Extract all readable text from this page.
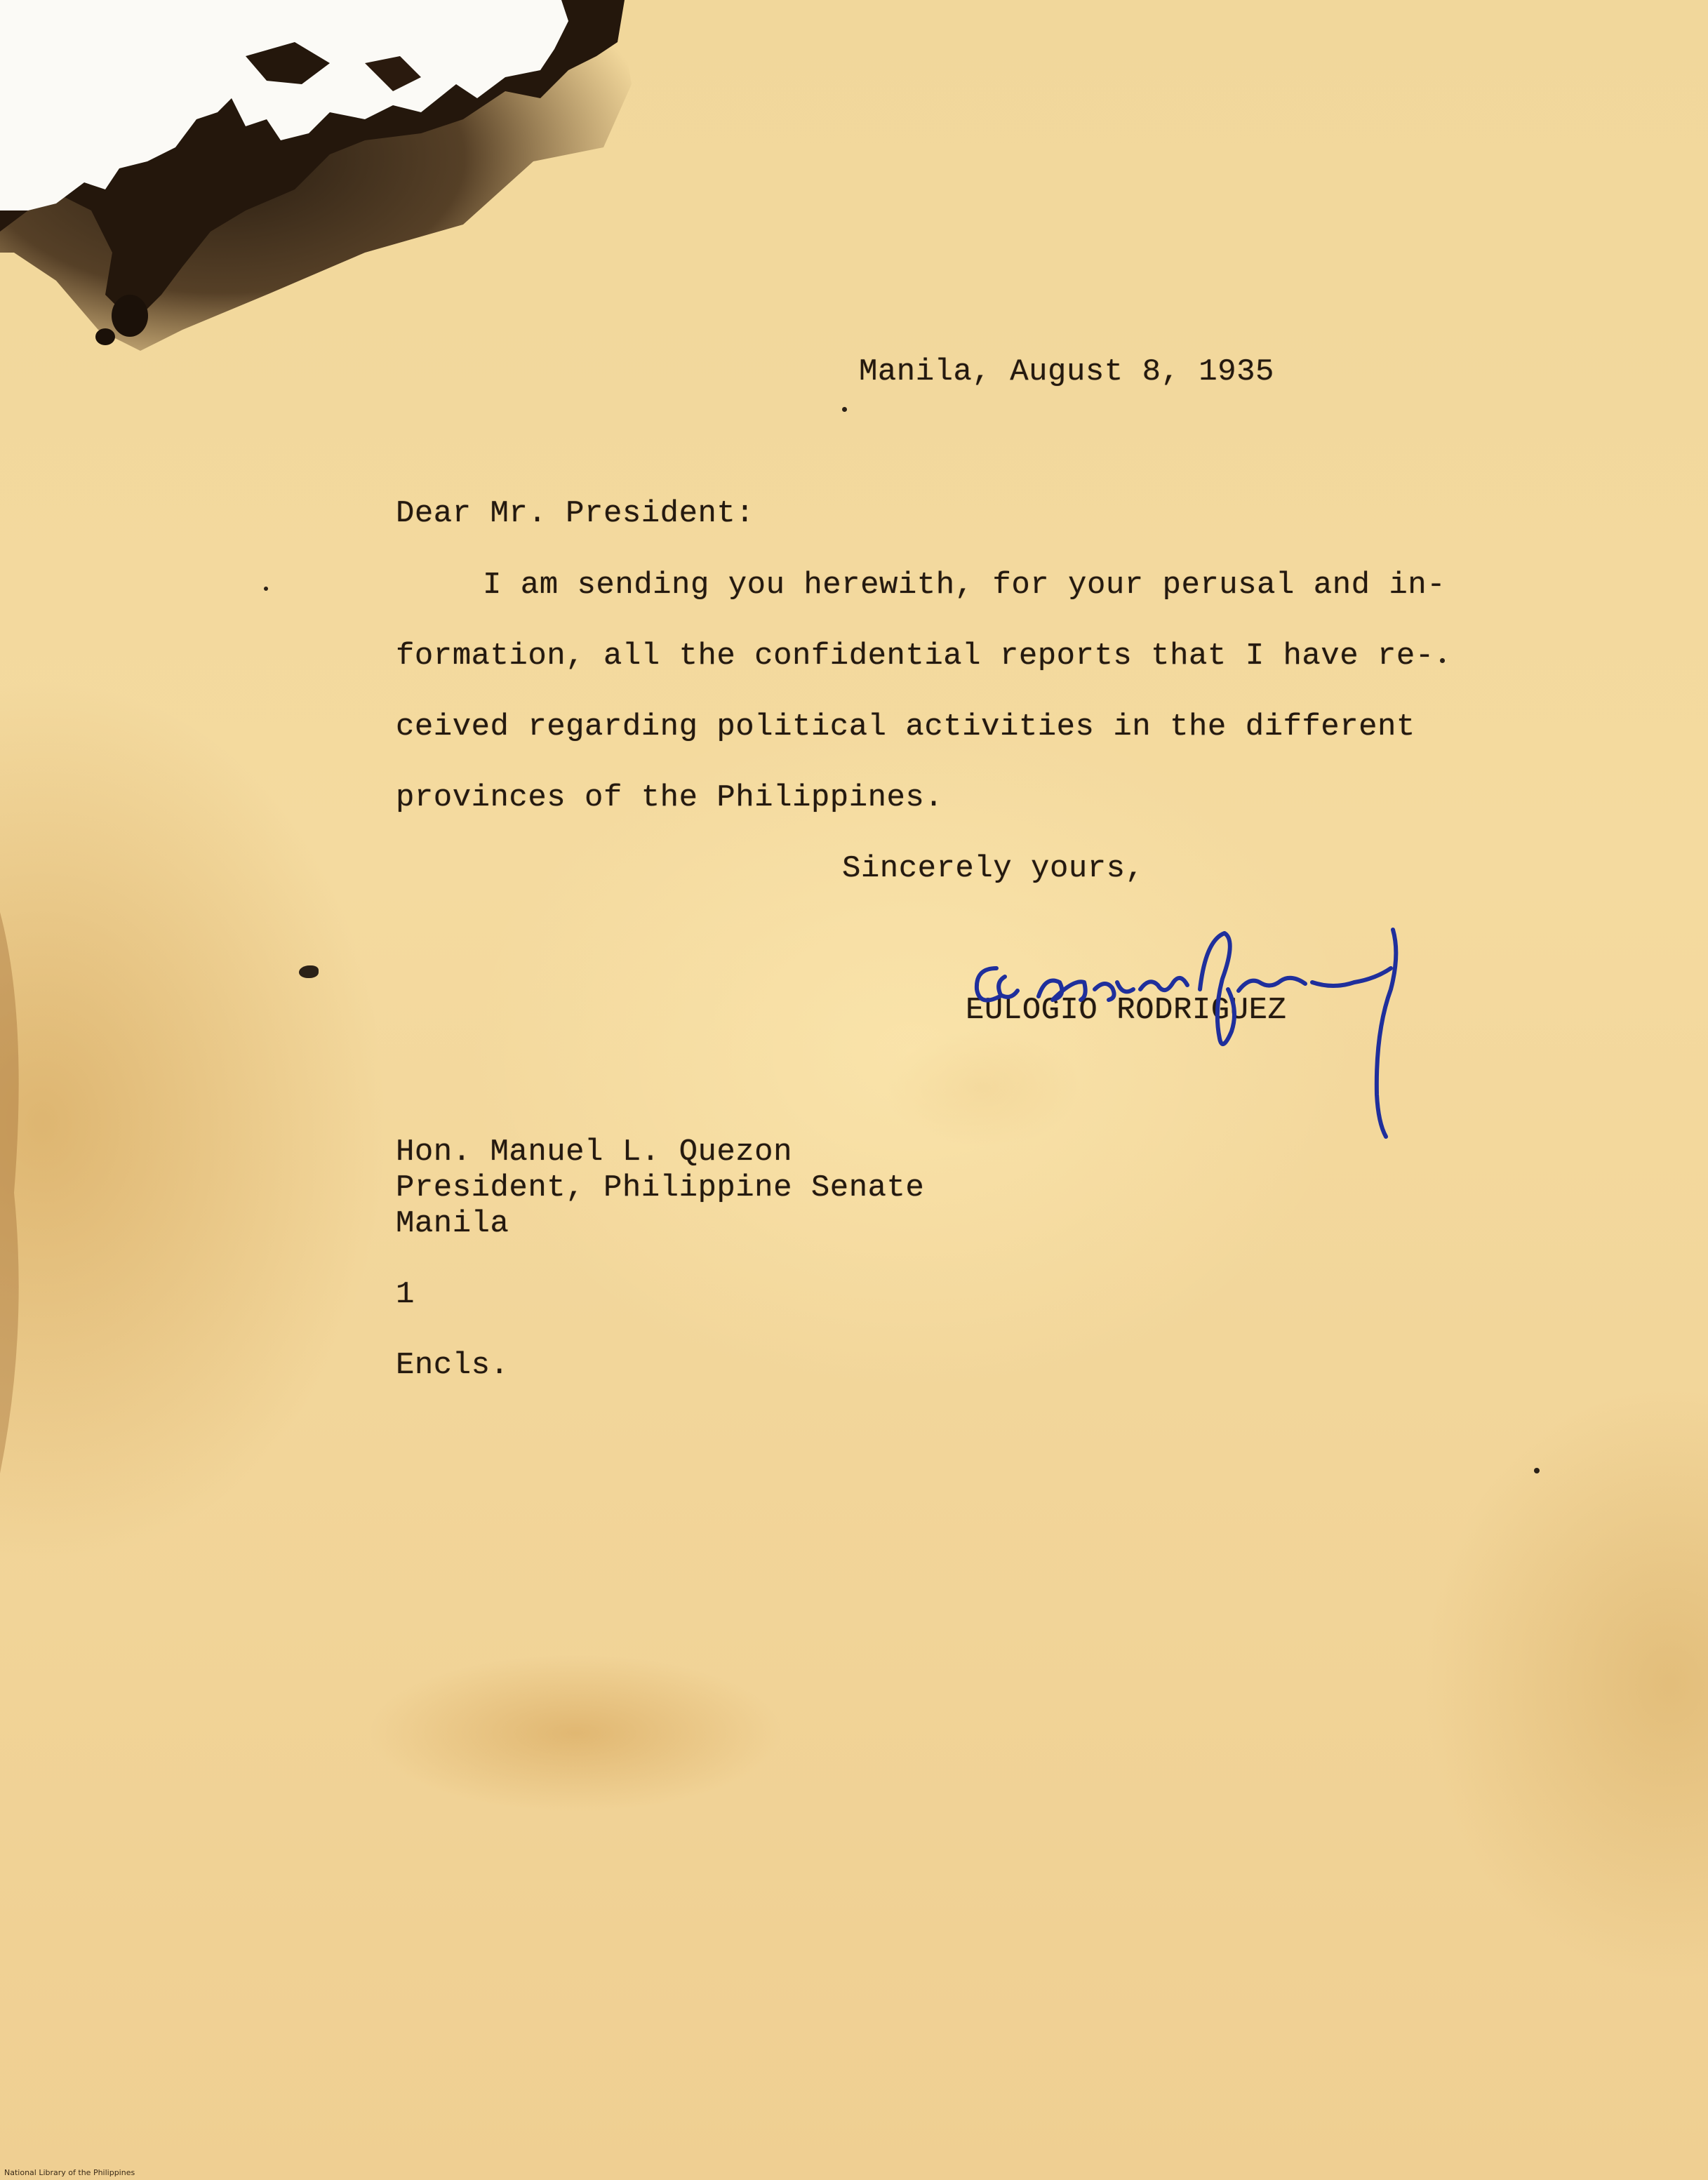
Manila, August 8, 1935
Dear Mr. President:
I am sending you herewith, for your perusal and in-
formation, all the confidential reports that I have re-
ceived regarding political activities in the different
provinces of the Philippines.
Sincerely yours,
EULOGIO RODRIGUEZ
Hon. Manuel L. Quezon
President, Philippine Senate
Manila
1
Encls.
National Library of the Philippines
